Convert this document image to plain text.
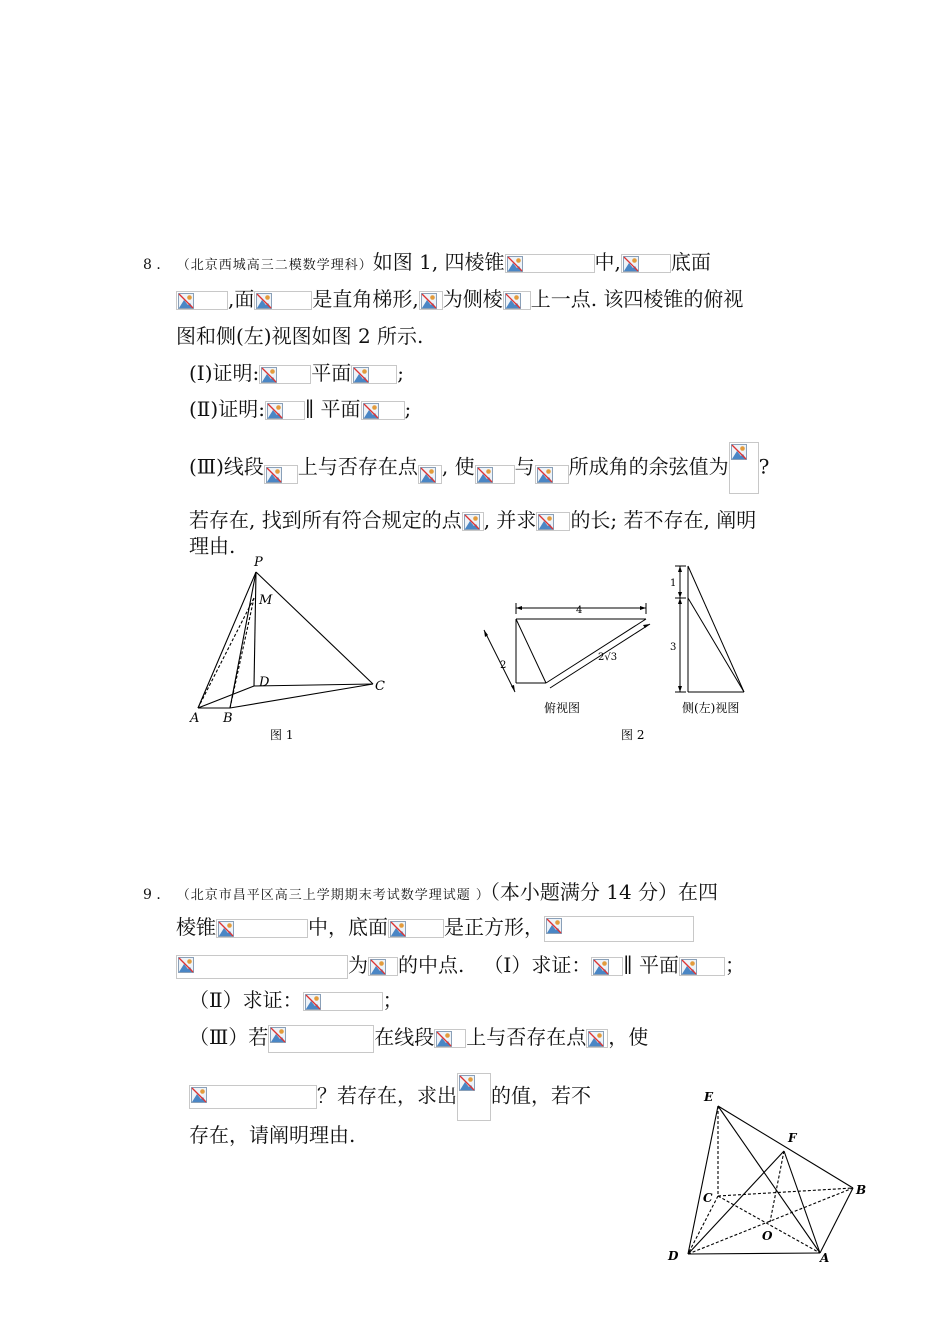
8 ． （北京西城高三二模数学理科）如图 1, 四棱锥	中,	底面
,面	是直角梯形, 为侧棱 上一点. 该四棱锥的俯视
图和侧(左)视图如图 2 所示.
(Ⅰ)证明:	平面 ;
(Ⅱ)证明: ∥ 平面 ;
(Ⅲ)线段 上与否存在点 , 使 与 所成角的余弦值为 ?
若存在, 找到所有符合规定的点 , 并求 的长; 若不存在, 阐明
理由.
P
M
D	C
A B
图 1
4
2
2√3
1
3
俯视图	侧(左)视图
图 2
9 ． （北京市昌平区高三上学期期末考试数学理试题 ）（本小题满分 14 分）在四
棱锥	中，底面	是正方形，
为 的中点. （Ⅰ）求证： ∥ 平面 ；
（Ⅱ）求证：	；
（Ⅲ）若	在线段 上与否存在点 ，使
？若存在，求出 的值，若不
存在，请阐明理由.
E
F
B
C
O
D	A
